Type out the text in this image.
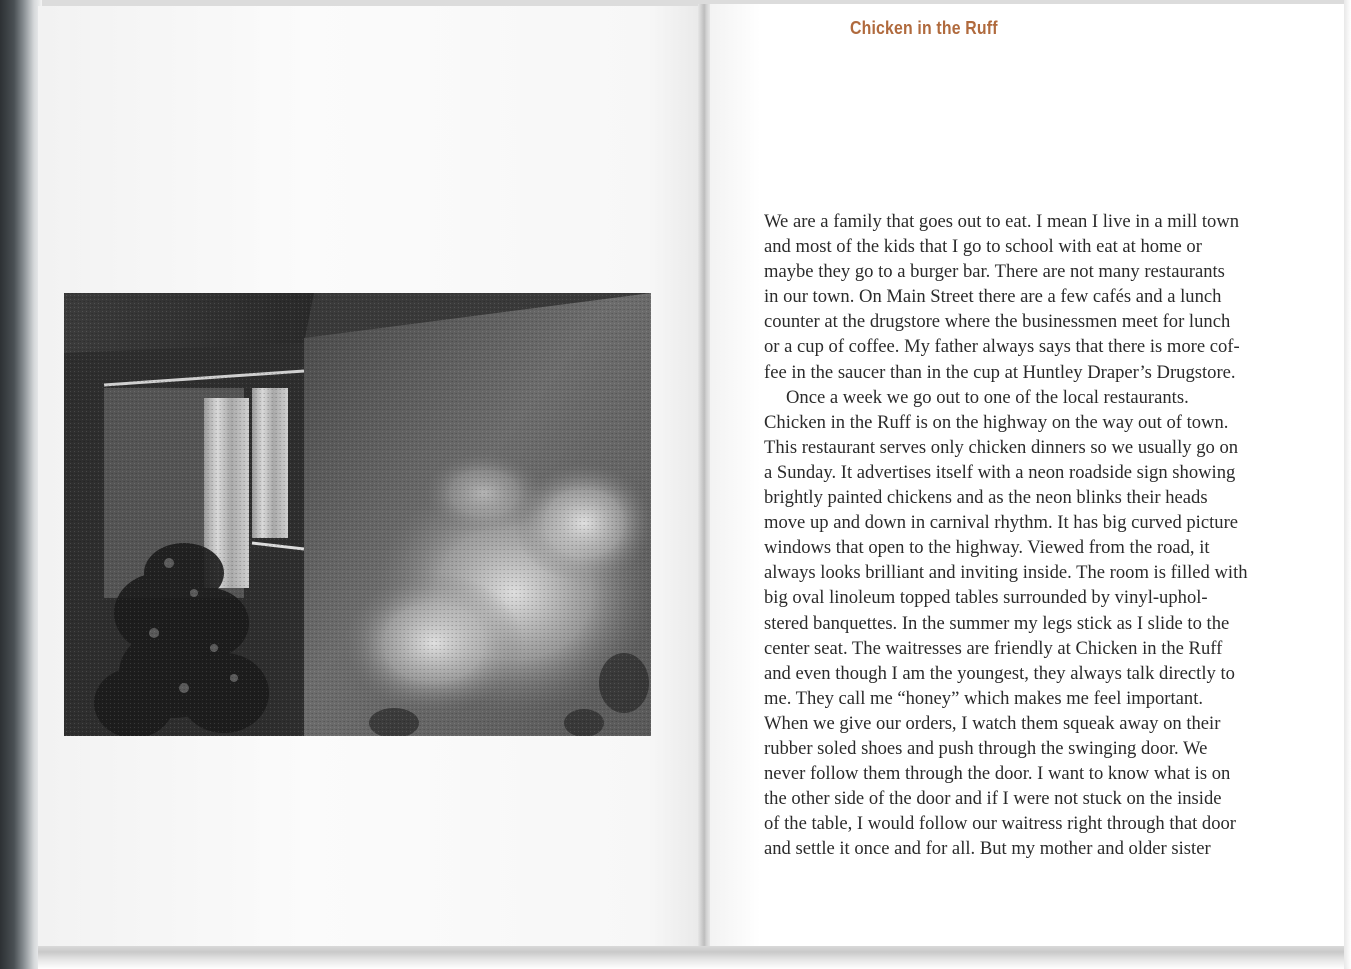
Chicken in the Ruff
We are a family that goes out to eat. I mean I live in a mill town
and most of the kids that I go to school with eat at home or
maybe they go to a burger bar. There are not many restaurants
in our town. On Main Street there are a few cafés and a lunch
counter at the drugstore where the businessmen meet for lunch
or a cup of coffee. My father always says that there is more cof-
fee in the saucer than in the cup at Huntley Draper’s Drugstore.
Once a week we go out to one of the local restaurants.
Chicken in the Ruff is on the highway on the way out of town.
This restaurant serves only chicken dinners so we usually go on
a Sunday. It advertises itself with a neon roadside sign showing
brightly painted chickens and as the neon blinks their heads
move up and down in carnival rhythm. It has big curved picture
windows that open to the highway. Viewed from the road, it
always looks brilliant and inviting inside. The room is filled with
big oval linoleum topped tables surrounded by vinyl-uphol-
stered banquettes. In the summer my legs stick as I slide to the
center seat. The waitresses are friendly at Chicken in the Ruff
and even though I am the youngest, they always talk directly to
me. They call me “honey” which makes me feel important.
When we give our orders, I watch them squeak away on their
rubber soled shoes and push through the swinging door. We
never follow them through the door. I want to know what is on
the other side of the door and if I were not stuck on the inside
of the table, I would follow our waitress right through that door
and settle it once and for all. But my mother and older sister
